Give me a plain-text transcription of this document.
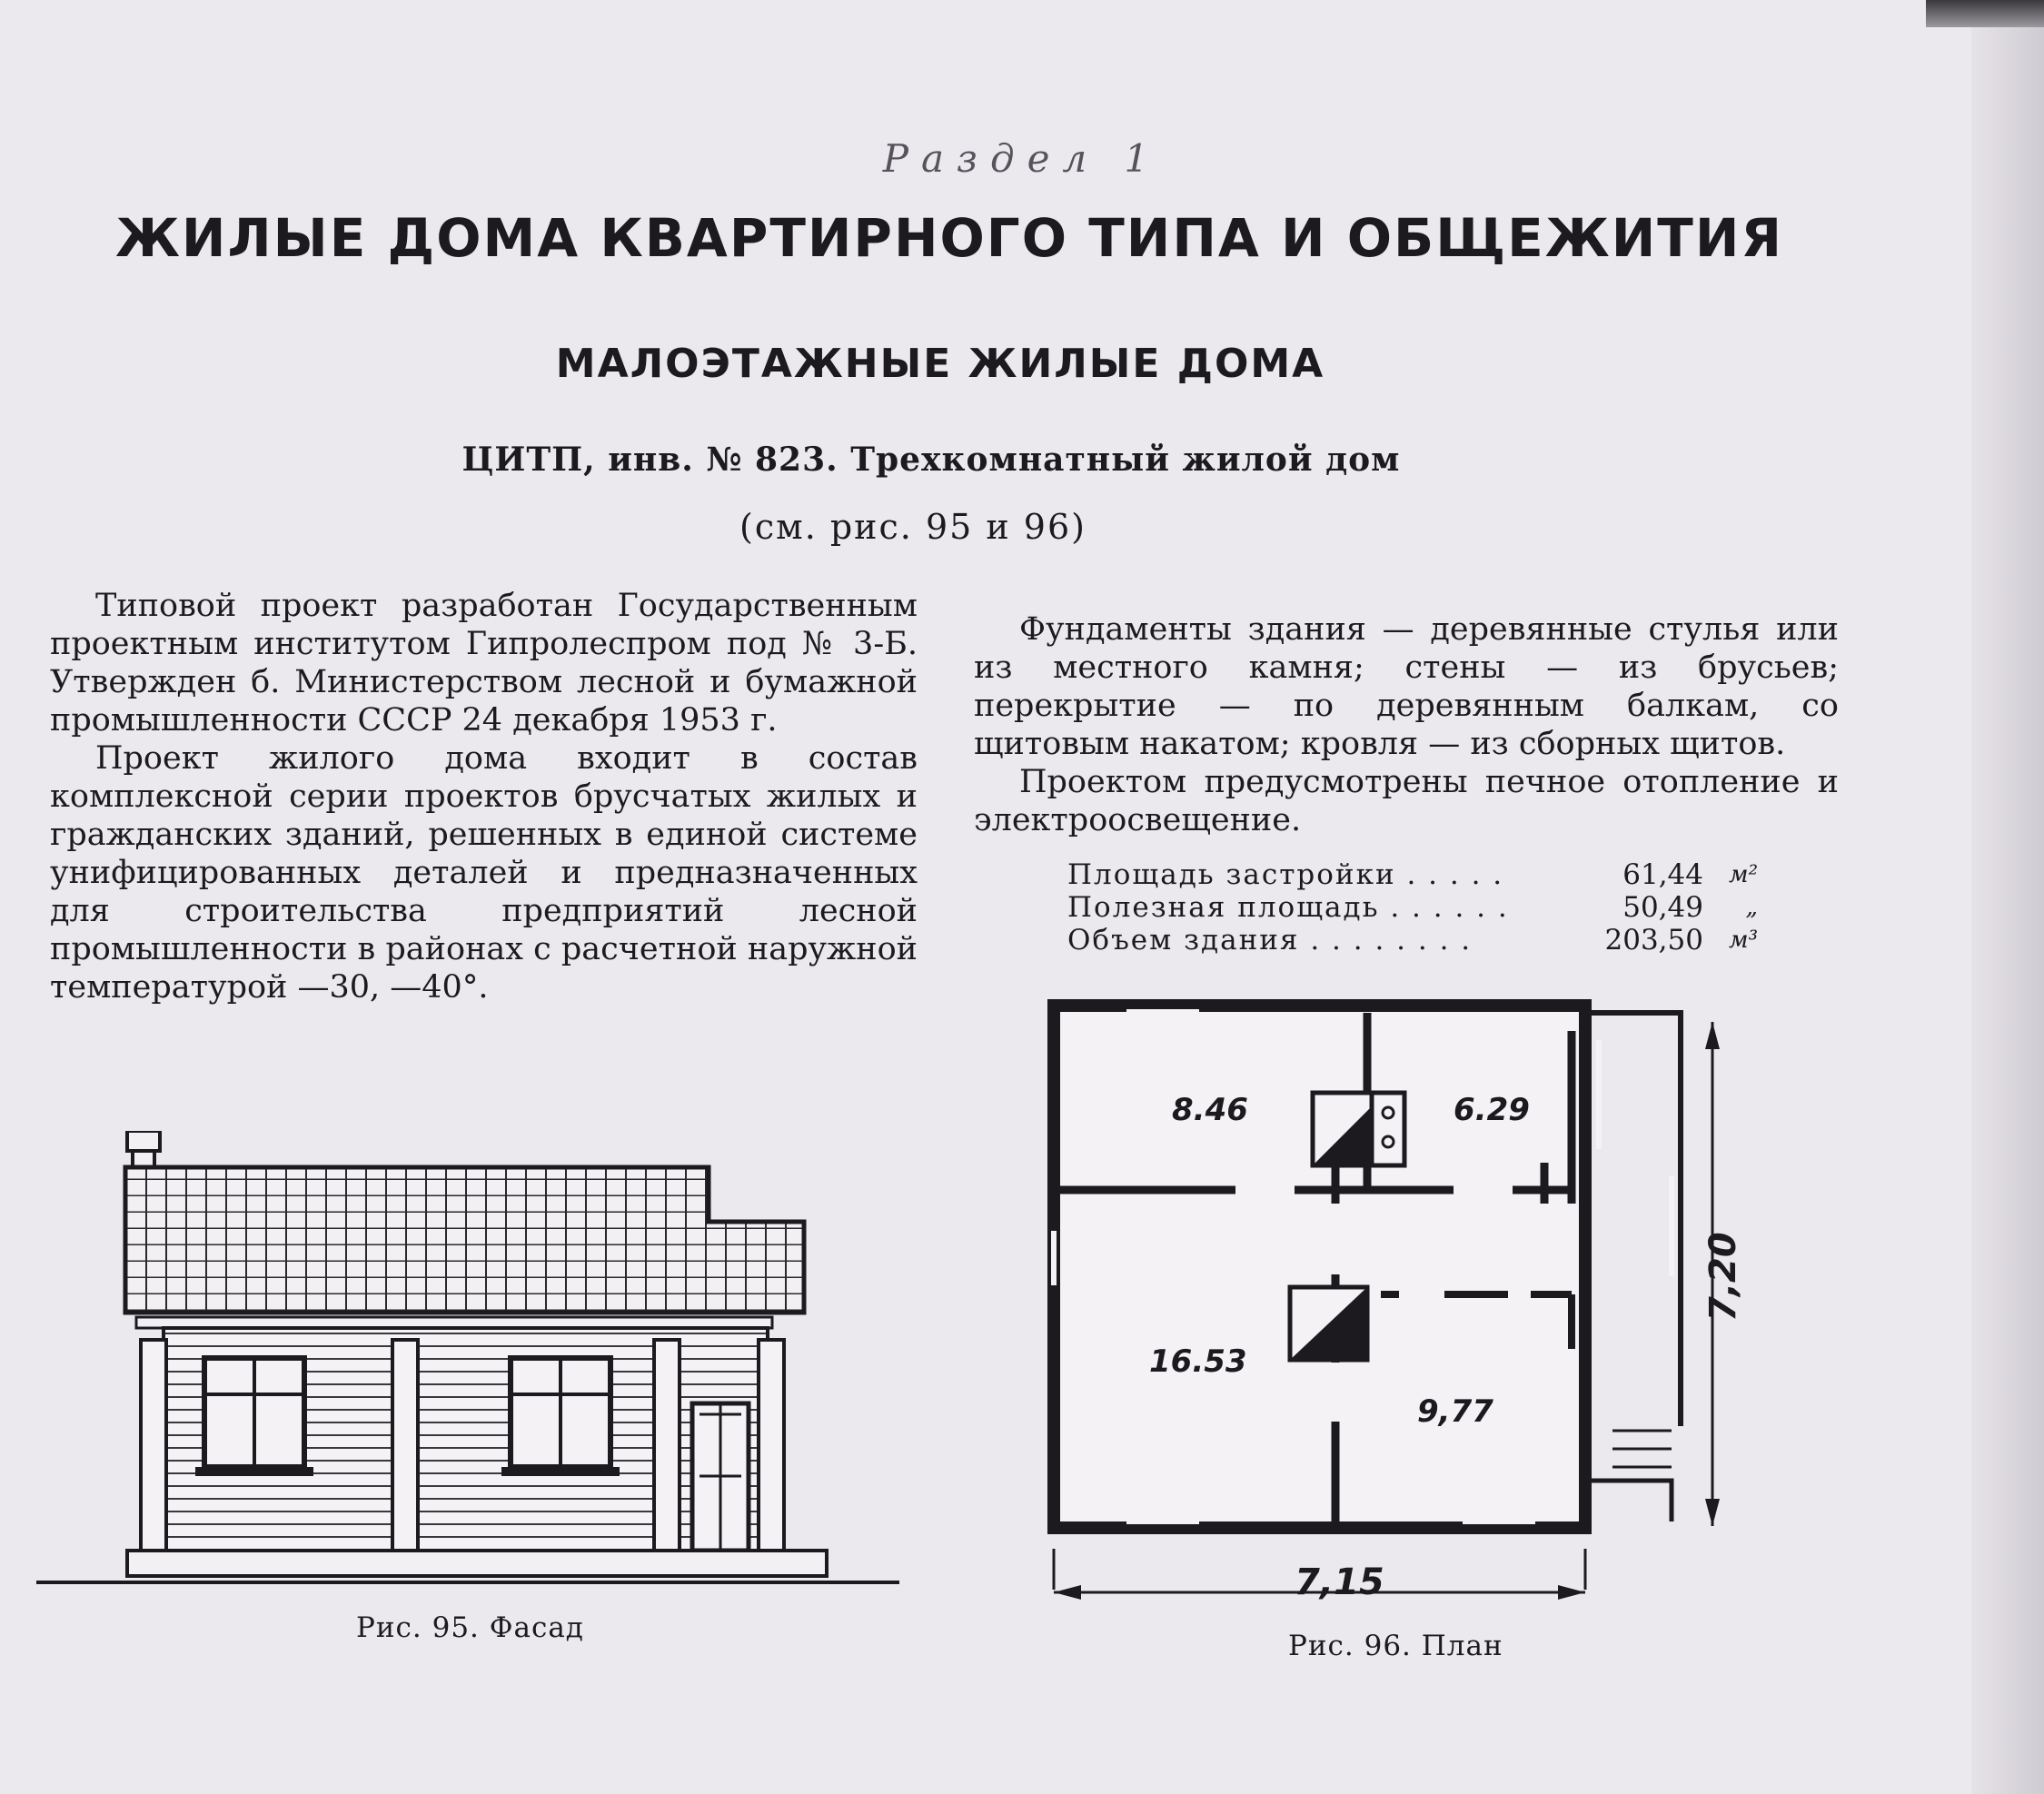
Раздел 1
ЖИЛЫЕ ДОМА КВАРТИРНОГО ТИПА И ОБЩЕЖИТИЯ
МАЛОЭТАЖНЫЕ ЖИЛЫЕ ДОМА
ЦИТП, инв. № 823. Трехкомнатный жилой дом
(см. рис. 95 и 96)

Типовой проект разработан Государственным проектным институтом Гипролеспром под № 3-Б. Утвержден б. Министерством лесной и бумажной промышленности СССР 24 декабря 1953 г.

Проект жилого дома входит в состав комплексной серии проектов брусчатых жилых и гражданских зданий, решенных в единой системе унифицированных деталей и предназначенных для строительства предприятий лесной промышленности в районах с расчетной наружной температурой —30, —40°.

Фундаменты здания — деревянные стулья или из местного камня; стены — из брусьев; перекрытие — по деревянным балкам, со щитовым накатом; кровля — из сборных щитов.

Проектом предусмотрены печное отопление и электроосвещение.

Площадь застройки . . . . .	61,44 м²
Полезная площадь . . . . . .	50,49 „
Объем здания . . . . . . . .	203,50 м³
Рис. 95. Фасад
8.46	6.29
16.53
9,77
7,15
7,20
Рис. 96. План
